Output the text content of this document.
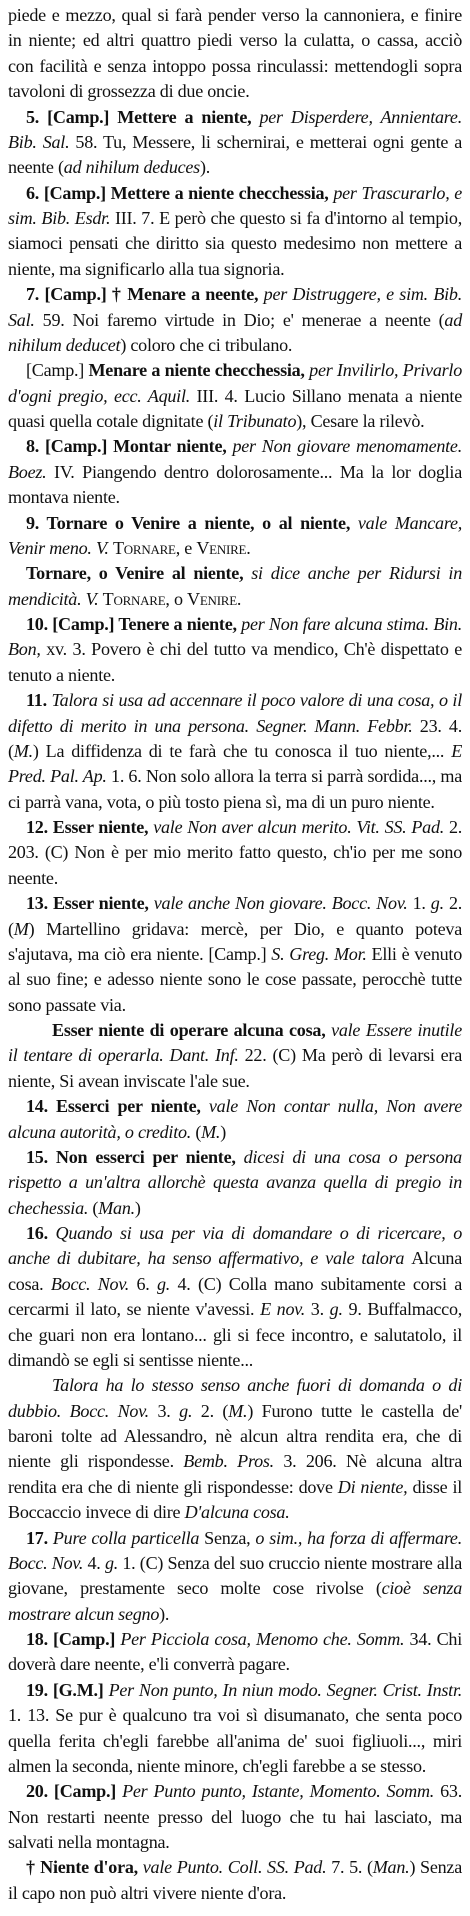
piede e mezzo, qual si farà pender verso la cannoniera, e finire in niente; ed altri quattro piedi verso la culatta, o cassa, acciò con facilità e senza intoppo possa rinculassi: mettendogli sopra tavoloni di grossezza di due oncie.

5. [Camp.] Mettere a niente, per Disperdere, Annientare. Bib. Sal. 58. Tu, Messere, li schernirai, e metterai ogni gente a neente (ad nihilum deduces).

6. [Camp.] Mettere a niente checchessia, per Trascurarlo, e sim. Bib. Esdr. III. 7. E però che questo si fa d'intorno al tempio, siamoci pensati che diritto sia questo medesimo non mettere a niente, ma significarlo alla tua signoria.

7. [Camp.] † Menare a neente, per Distruggere, e sim. Bib. Sal. 59. Noi faremo virtude in Dio; e' menerae a neente (ad nihilum deducet) coloro che ci tribulano.

[Camp.] Menare a niente checchessia, per Invilirlo, Privarlo d'ogni pregio, ecc. Aquil. III. 4. Lucio Sillano menata a niente quasi quella cotale dignitate (il Tribunato), Cesare la rilevò.

8. [Camp.] Montar niente, per Non giovare menomamente. Boez. IV. Piangendo dentro dolorosamente... Ma la lor doglia montava niente.

9. Tornare o Venire a niente, o al niente, vale Mancare, Venir meno. V. Tornare, e Venire.

Tornare, o Venire al niente, si dice anche per Ridursi in mendicità. V. Tornare, o Venire.

10. [Camp.] Tenere a niente, per Non fare alcuna stima. Bin. Bon, xv. 3. Povero è chi del tutto va mendico, Ch'è dispettato e tenuto a niente.

11. Talora si usa ad accennare il poco valore di una cosa, o il difetto di merito in una persona. Segner. Mann. Febbr. 23. 4. (M.) La diffidenza di te farà che tu conosca il tuo niente,... E Pred. Pal. Ap. 1. 6. Non solo allora la terra si parrà sordida..., ma ci parrà vana, vota, o più tosto piena sì, ma di un puro niente.

12. Esser niente, vale Non aver alcun merito. Vit. SS. Pad. 2. 203. (C) Non è per mio merito fatto questo, ch'io per me sono neente.

13. Esser niente, vale anche Non giovare. Bocc. Nov. 1. g. 2. (M) Martellino gridava: mercè, per Dio, e quanto poteva s'ajutava, ma ciò era niente. [Camp.] S. Greg. Mor. Elli è venuto al suo fine; e adesso niente sono le cose passate, perocchè tutte sono passate via.

Esser niente di operare alcuna cosa, vale Essere inutile il tentare di operarla. Dant. Inf. 22. (C) Ma però di levarsi era niente, Si avean inviscate l'ale sue.

14. Esserci per niente, vale Non contar nulla, Non avere alcuna autorità, o credito. (M.)

15. Non esserci per niente, dicesi di una cosa o persona rispetto a un'altra allorchè questa avanza quella di pregio in chechessia. (Man.)

16. Quando si usa per via di domandare o di ricercare, o anche di dubitare, ha senso affermativo, e vale talora Alcuna cosa. Bocc. Nov. 6. g. 4. (C) Colla mano subitamente corsi a cercarmi il lato, se niente v'avessi. E nov. 3. g. 9. Buffalmacco, che guari non era lontano... gli si fece incontro, e salutatolo, il dimandò se egli si sentisse niente...

Talora ha lo stesso senso anche fuori di domanda o di dubbio. Bocc. Nov. 3. g. 2. (M.) Furono tutte le castella de' baroni tolte ad Alessandro, nè alcun altra rendita era, che di niente gli rispondesse. Bemb. Pros. 3. 206. Nè alcuna altra rendita era che di niente gli rispondesse: dove Di niente, disse il Boccaccio invece di dire D'alcuna cosa.

17. Pure colla particella Senza, o sim., ha forza di affermare. Bocc. Nov. 4. g. 1. (C) Senza del suo cruccio niente mostrare alla giovane, prestamente seco molte cose rivolse (cioè senza mostrare alcun segno).

18. [Camp.] Per Picciola cosa, Menomo che. Somm. 34. Chi doverà dare neente, e'li converrà pagare.

19. [G.M.] Per Non punto, In niun modo. Segner. Crist. Instr. 1. 13. Se pur è qualcuno tra voi sì disumanato, che senta poco quella ferita ch'egli farebbe all'anima de' suoi figliuoli..., miri almen la seconda, niente minore, ch'egli farebbe a se stesso.

20. [Camp.] Per Punto punto, Istante, Momento. Somm. 63. Non restarti neente presso del luogo che tu hai lasciato, ma salvati nella montagna.

† Niente d'ora, vale Punto. Coll. SS. Pad. 7. 5. (Man.) Senza il capo non può altri vivere niente d'ora.
